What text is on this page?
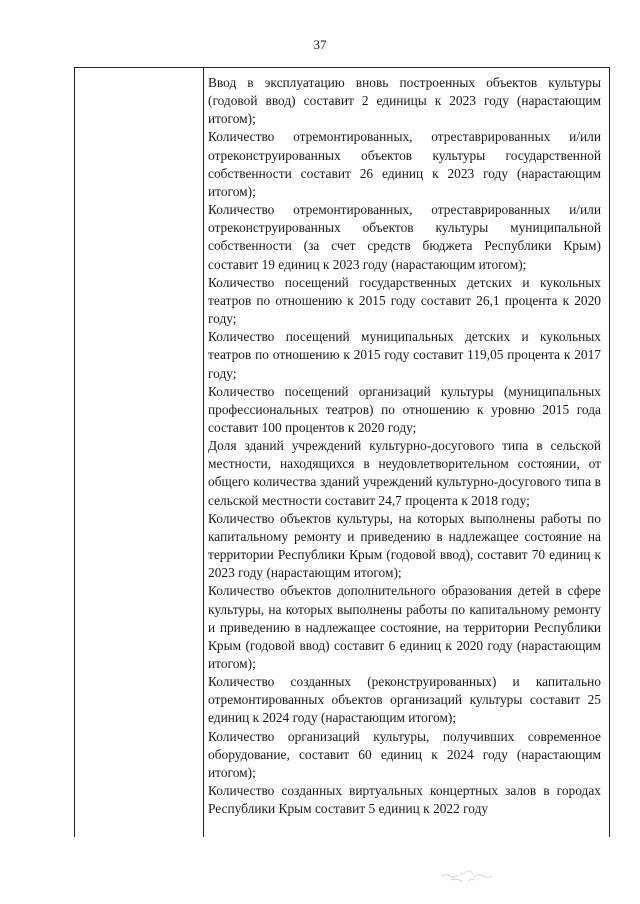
37

Ввод в эксплуатацию вновь построенных объектов культуры (годовой ввод) составит 2 единицы к 2023 году (нарастающим итогом);

Количество отремонтированных, отреставрированных и/или отреконструированных объектов культуры государственной собственности составит 26 единиц к 2023 году (нарастающим итогом);

Количество отремонтированных, отреставрированных и/или отреконструированных объектов культуры муниципальной собственности (за счет средств бюджета Республики Крым) составит 19 единиц к 2023 году (нарастающим итогом);

Количество посещений государственных детских и кукольных театров по отношению к 2015 году составит 26,1 процента к 2020 году;

Количество посещений муниципальных детских и кукольных театров по отношению к 2015 году составит 119,05 процента к 2017 году;

Количество посещений организаций культуры (муниципальных профессиональных театров) по отношению к уровню 2015 года составит 100 процентов к 2020 году;

Доля зданий учреждений культурно-досугового типа в сельской местности, находящихся в неудовлетворительном состоянии, от общего количества зданий учреждений культурно-досугового типа в сельской местности составит 24,7 процента к 2018 году;

Количество объектов культуры, на которых выполнены работы по капитальному ремонту и приведению в надлежащее состояние на территории Республики Крым (годовой ввод), составит 70 единиц к 2023 году (нарастающим итогом);

Количество объектов дополнительного образования детей в сфере культуры, на которых выполнены работы по капитальному ремонту и приведению в надлежащее состояние, на территории Республики Крым (годовой ввод) составит 6 единиц к 2020 году (нарастающим итогом);

Количество созданных (реконструированных) и капитально отремонтированных объектов организаций культуры составит 25 единиц к 2024 году (нарастающим итогом);

Количество организаций культуры, получивших современное оборудование, составит 60 единиц к 2024 году (нарастающим итогом);

Количество созданных виртуальных концертных залов в городах Республики Крым составит 5 единиц к 2022 году
